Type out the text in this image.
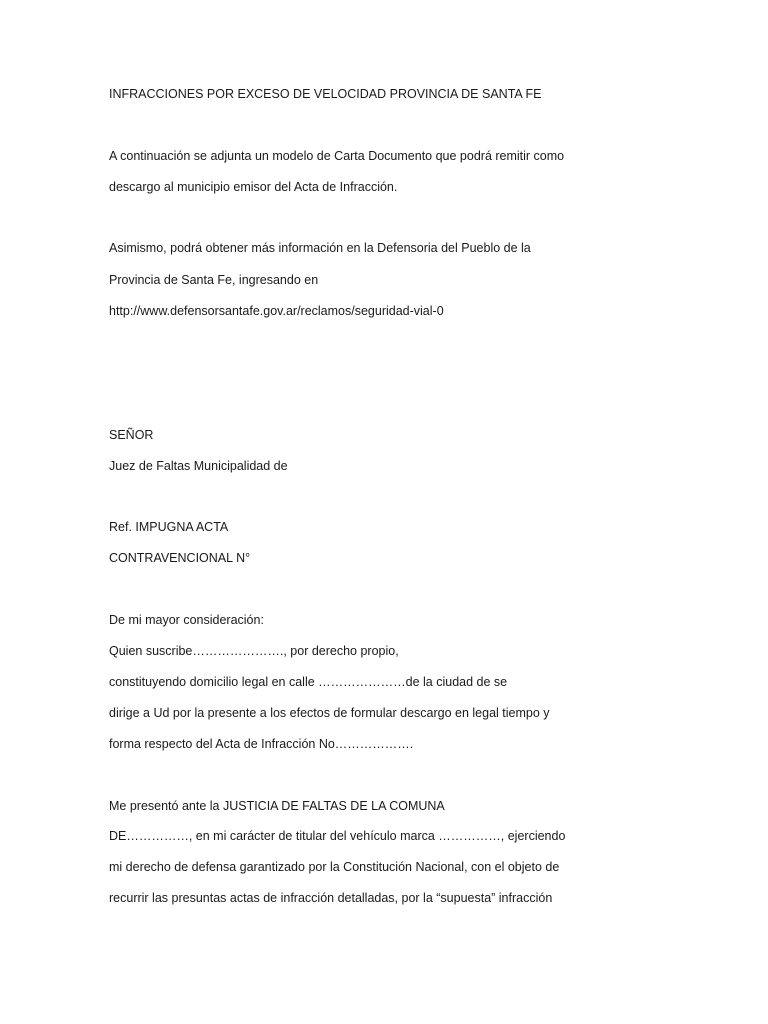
INFRACCIONES POR EXCESO DE VELOCIDAD PROVINCIA DE SANTA FE
A continuación se adjunta un modelo de Carta Documento que podrá remitir como
descargo al municipio emisor del Acta de Infracción.
Asimismo, podrá obtener más información en la Defensoria del Pueblo de la
Provincia de Santa Fe, ingresando en
http://www.defensorsantafe.gov.ar/reclamos/seguridad-vial-0
SEÑOR
Juez de Faltas Municipalidad de
Ref. IMPUGNA ACTA
CONTRAVENCIONAL N°
De mi mayor consideración:
Quien suscribe…………………., por derecho propio,
constituyendo domicilio legal en calle …………………de la ciudad de se
dirige a Ud por la presente a los efectos de formular descargo en legal tiempo y
forma respecto del Acta de Infracción No……………….
Me presentó ante la JUSTICIA DE FALTAS DE LA COMUNA
DE……………, en mi carácter de titular del vehículo marca ……………, ejerciendo
mi derecho de defensa garantizado por la Constitución Nacional, con el objeto de
recurrir las presuntas actas de infracción detalladas, por la “supuesta” infracción
